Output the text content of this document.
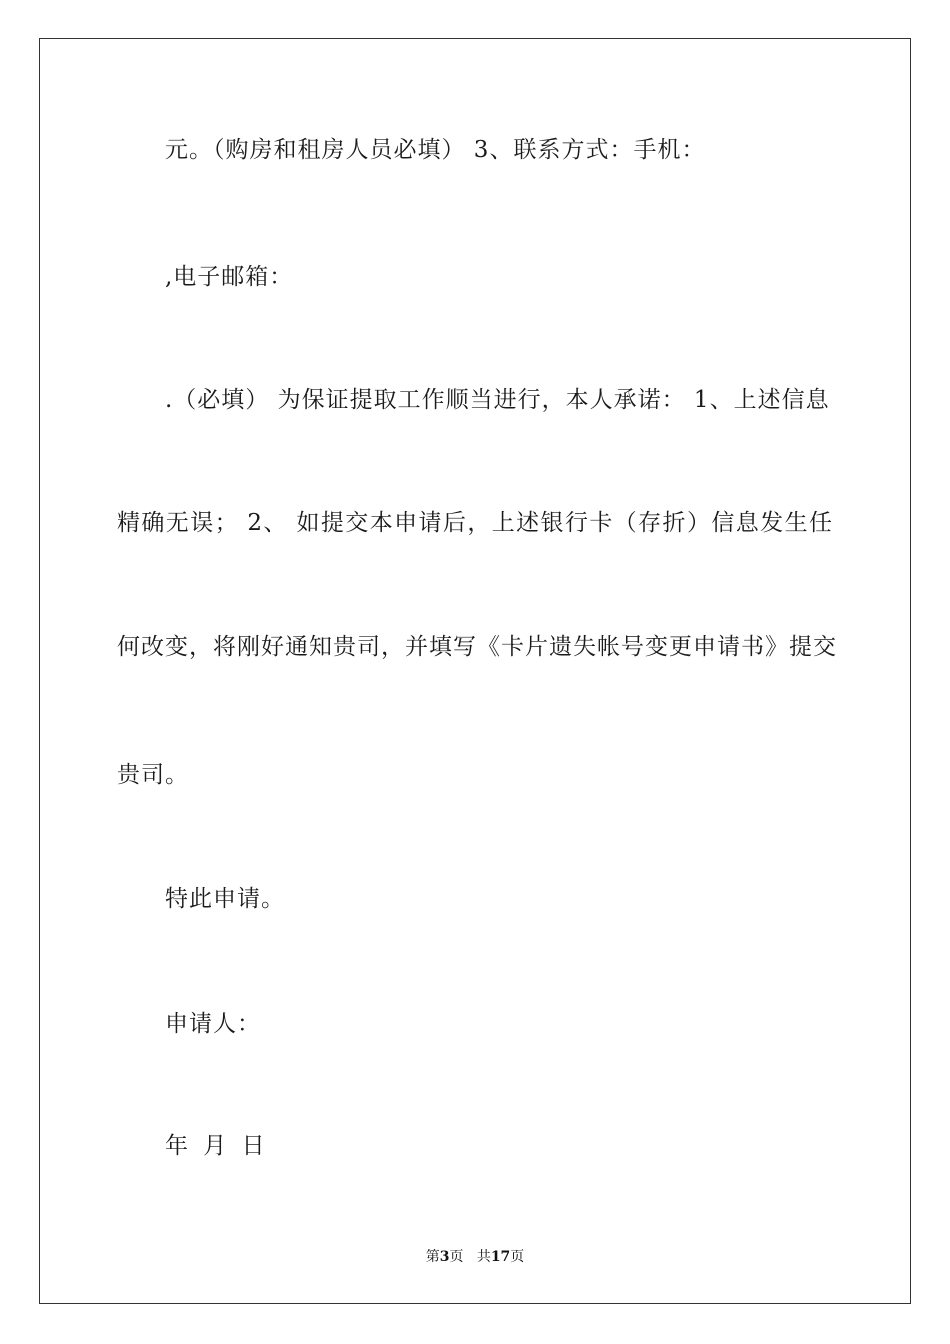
元。（购房和租房人员必填） 3、联系方式：手机：
,电子邮箱：
.（必填） 为保证提取工作顺当进行，本人承诺： 1、上述信息
精确无误； 2、 如提交本申请后，上述银行卡（存折）信息发生任
何改变，将刚好通知贵司，并填写《卡片遗失帐号变更申请书》提交
贵司。
特此申请。
申请人：
年 月 日
第3页 共17页
